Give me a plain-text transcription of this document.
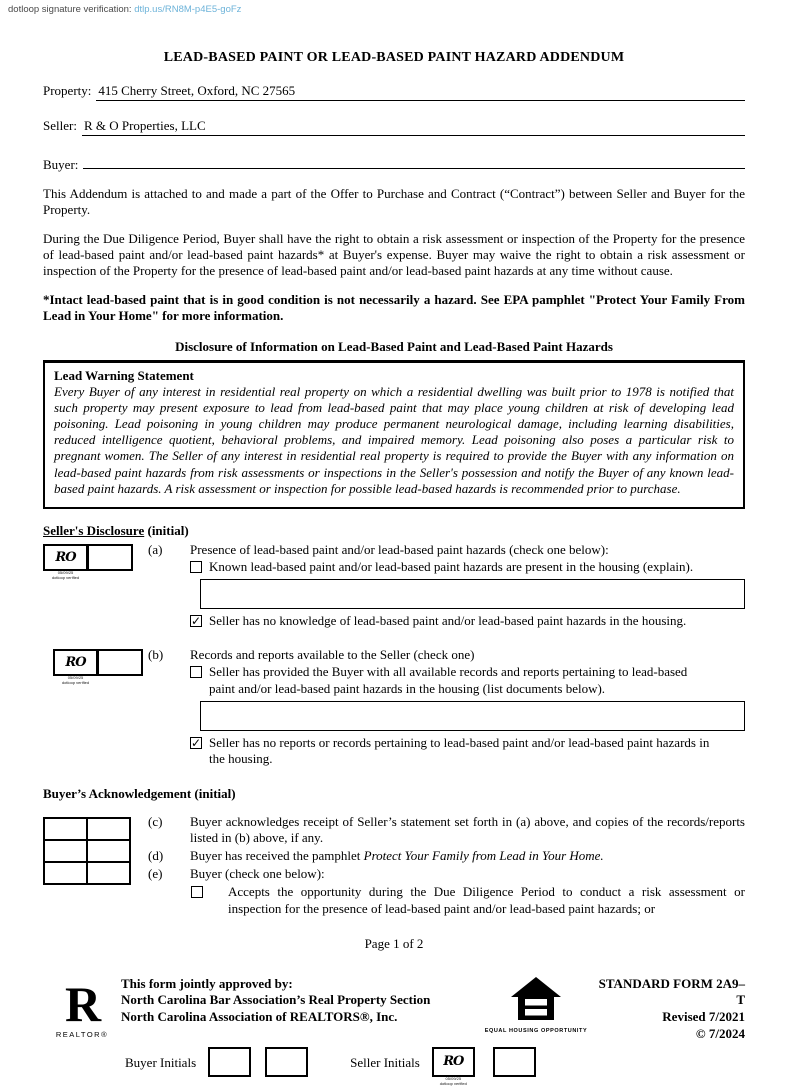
dotloop signature verification: dtlp.us/RN8M-p4E5-goFz
LEAD-BASED PAINT OR LEAD-BASED PAINT HAZARD ADDENDUM
Property: 415 Cherry Street, Oxford, NC 27565
Seller: R & O Properties, LLC
Buyer:

This Addendum is attached to and made a part of the Offer to Purchase and Contract (“Contract”) between Seller and Buyer for the Property.

During the Due Diligence Period, Buyer shall have the right to obtain a risk assessment or inspection of the Property for the presence of lead-based paint and/or lead-based paint hazards* at Buyer's expense. Buyer may waive the right to obtain a risk assessment or inspection of the Property for the presence of lead-based paint and/or lead-based paint hazards at any time without cause.

*Intact lead-based paint that is in good condition is not necessarily a hazard. See EPA pamphlet "Protect Your Family From Lead in Your Home" for more information.

Disclosure of Information on Lead-Based Paint and Lead-Based Paint Hazards
Lead Warning Statement
Every Buyer of any interest in residential real property on which a residential dwelling was built prior to 1978 is notified that such property may present exposure to lead from lead-based paint that may place young children at risk of developing lead poisoning. Lead poisoning in young children may produce permanent neurological damage, including learning disabilities, reduced intelligence quotient, behavioral problems, and impaired memory. Lead poisoning also poses a particular risk to pregnant women. The Seller of any interest in residential real property is required to provide the Buyer with any information on lead-based paint hazards from risk assessments or inspections in the Seller's possession and notify the Buyer of any known lead-based paint hazards. A risk assessment or inspection for possible lead-based hazards is recommended prior to purchase.
Seller's Disclosure (initial)
RO
05/09/25
dotloop verified
(a)	Presence of lead-based paint and/or lead-based paint hazards (check one below):
Known lead-based paint and/or lead-based paint hazards are present in the housing (explain).
✓
Seller has no knowledge of lead-based paint and/or lead-based paint hazards in the housing.
RO
05/09/25
dotloop verified
(b)	Records and reports available to the Seller (check one)
Seller has provided the Buyer with all available records and reports pertaining to lead-based paint and/or lead-based paint hazards in the housing (list documents below).
✓
Seller has no reports or records pertaining to lead-based paint and/or lead-based paint hazards in the housing.
Buyer’s Acknowledgement (initial)

(c)	Buyer acknowledges receipt of Seller’s statement set forth in (a) above, and copies of the records/reports listed in (b) above, if any.
(d)	Buyer has received the pamphlet Protect Your Family from Lead in Your Home.
(e)	Buyer (check one below):
Accepts the opportunity during the Due Diligence Period to conduct a risk assessment or inspection for the presence of lead-based paint and/or lead-based paint hazards; or
Page 1 of 2
R
REALTOR®
This form jointly approved by:
North Carolina Bar Association’s Real Property Section
North Carolina Association of REALTORS®, Inc.
EQUAL HOUSING OPPORTUNITY
STANDARD FORM 2A9–T
Revised 7/2021
© 7/2024
Buyer Initials	Seller Initials	RO
05/09/25
dotloop verified
